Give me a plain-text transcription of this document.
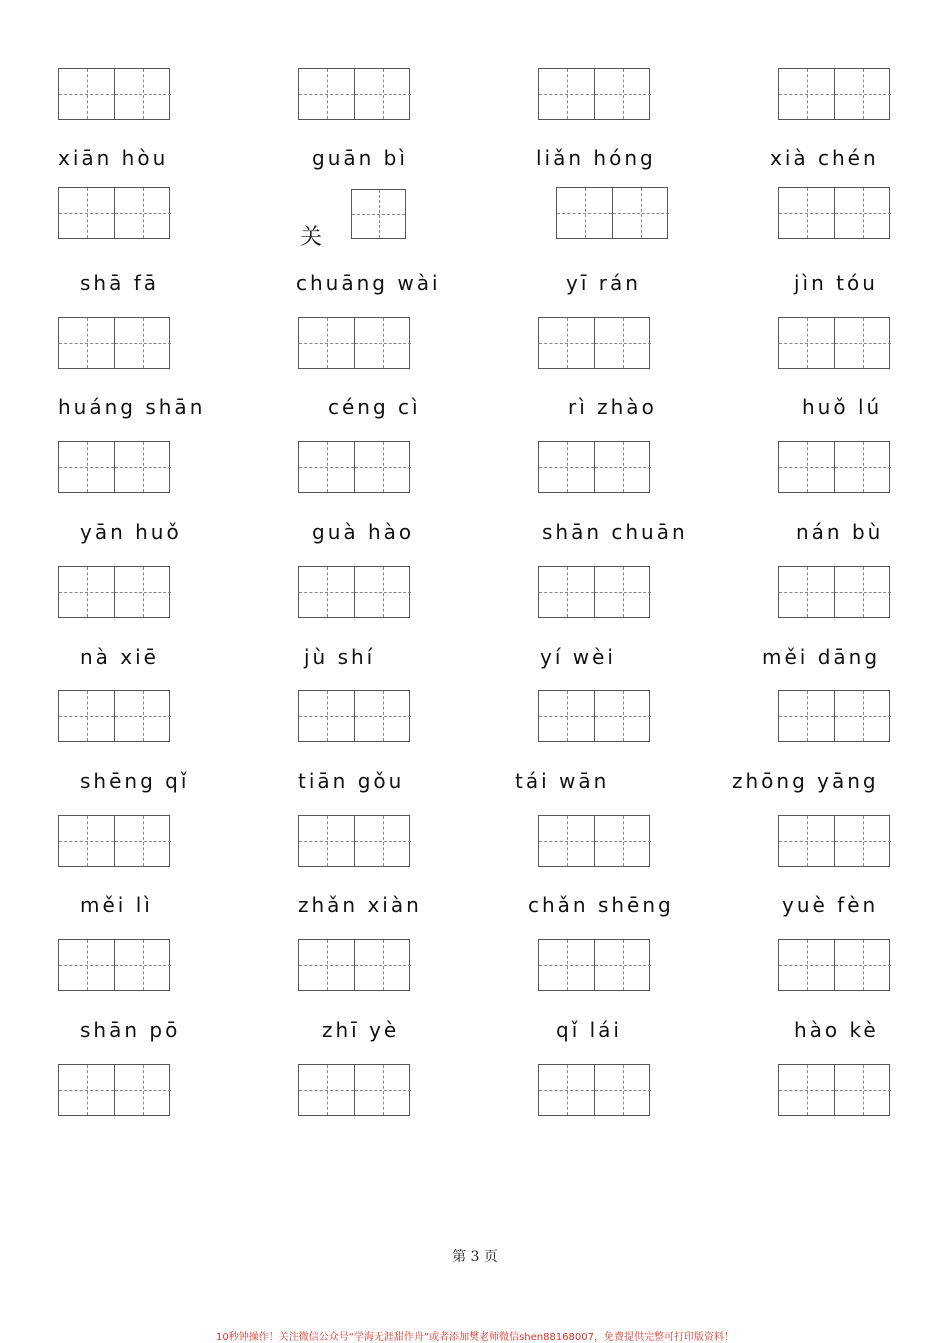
xiān hòu	guān bì	liǎn hóng	xià chén
关
shā fā	chuāng wài	yī rán	jìn tóu
huáng shān	céng cì	rì zhào	huǒ lú
yān huǒ	guà hào	shān chuān	nán bù
nà xiē	jù shí	yí wèi	měi dāng
shēng qǐ	tiān gǒu	tái wān	zhōng yāng
měi lì	zhǎn xiàn	chǎn shēng	yuè fèn
shān pō	zhī yè	qǐ lái	hào kè
第 3 页
10秒钟操作！关注微信公众号“学海无涯甜作舟”或者添加樊老师微信shen88168007，免费提供完整可打印版资料！
